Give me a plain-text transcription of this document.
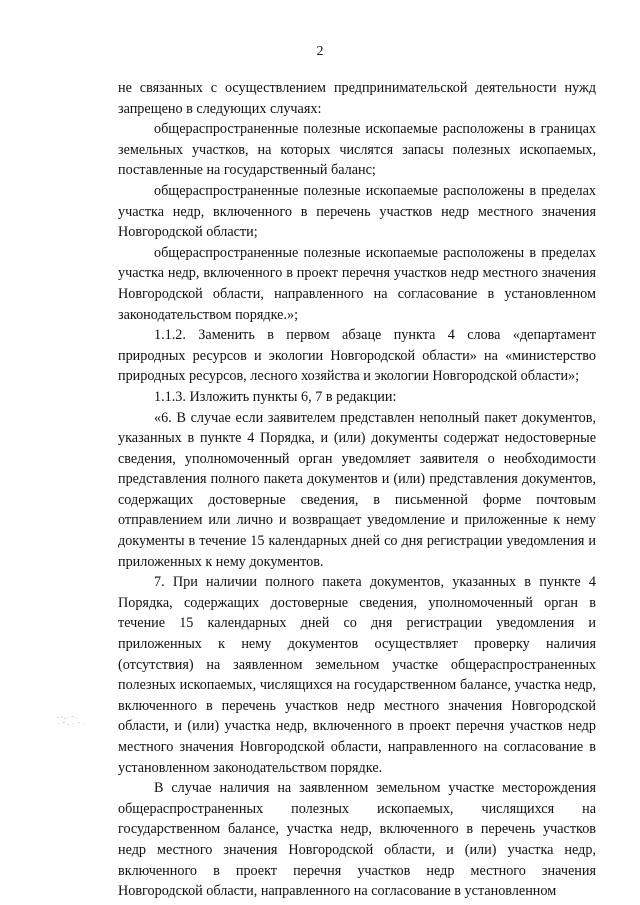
2

не связанных с осуществлением предпринимательской деятельности нужд запрещено в следующих случаях:

общераспространенные полезные ископаемые расположены в границах земельных участков, на которых числятся запасы полезных ископаемых, поставленные на государственный баланс;

общераспространенные полезные ископаемые расположены в пределах участка недр, включенного в перечень участков недр местного значения Новгородской области;

общераспространенные полезные ископаемые расположены в пределах участка недр, включенного в проект перечня участков недр местного значения Новгородской области, направленного на согласование в установленном законодательством порядке.»;

1.1.2. Заменить в первом абзаце пункта 4 слова «департамент природных ресурсов и экологии Новгородской области» на «министерство природных ресурсов, лесного хозяйства и экологии Новгородской области»;

1.1.3. Изложить пункты 6, 7 в редакции:

«6. В случае если заявителем представлен неполный пакет документов, указанных в пункте 4 Порядка, и (или) документы содержат недостоверные сведения, уполномоченный орган уведомляет заявителя о необходимости представления полного пакета документов и (или) представления документов, содержащих достоверные сведения, в письменной форме почтовым отправлением или лично и возвращает уведомление и приложенные к нему документы в течение 15 календарных дней со дня регистрации уведомления и приложенных к нему документов.

7. При наличии полного пакета документов, указанных в пункте 4 Порядка, содержащих достоверные сведения, уполномоченный орган в течение 15 календарных дней со дня регистрации уведомления и приложенных к нему документов осуществляет проверку наличия (отсутствия) на заявленном земельном участке общераспространенных полезных ископаемых, числящихся на государственном балансе, участка недр, включенного в перечень участков недр местного значения Новгородской области, и (или) участка недр, включенного в проект перечня участков недр местного значения Новгородской области, направленного на согласование в установленном законодательством порядке.

В случае наличия на заявленном земельном участке месторождения общераспространенных полезных ископаемых, числящихся на государственном балансе, участка недр, включенного в перечень участков недр местного значения Новгородской области, и (или) участка недр, включенного в проект перечня участков недр местного значения Новгородской области, направленного на согласование в установленном
